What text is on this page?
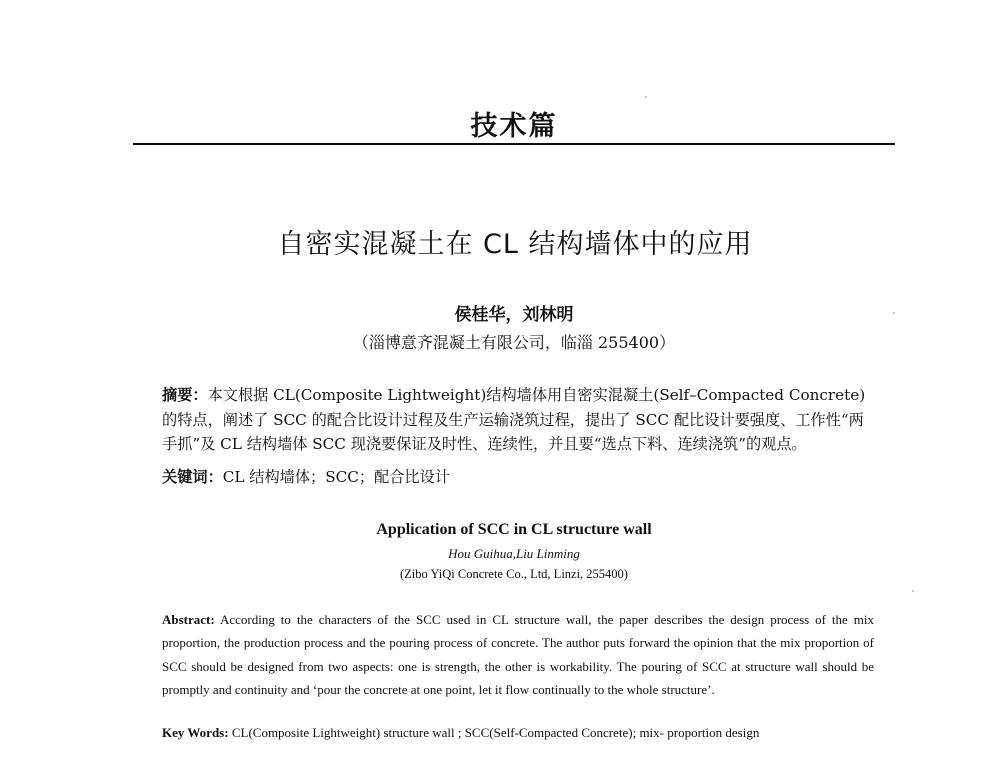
技术篇
自密实混凝土在 CL 结构墙体中的应用
侯桂华，刘林明
（淄博意齐混凝土有限公司，临淄 255400）
摘要：本文根据 CL(Composite Lightweight)结构墙体用自密实混凝土(Self–Compacted Concrete)的特点，阐述了 SCC 的配合比设计过程及生产运输浇筑过程，提出了 SCC 配比设计要强度、工作性“两手抓”及 CL 结构墙体 SCC 现浇要保证及时性、连续性，并且要“选点下料、连续浇筑”的观点。
关键词：CL 结构墙体；SCC；配合比设计
Application of SCC in CL structure wall
Hou Guihua,Liu Linming
(Zibo YiQi Concrete Co., Ltd, Linzi, 255400)
Abstract: According to the characters of the SCC used in CL structure wall, the paper describes the design process of the mix proportion, the production process and the pouring process of concrete. The author puts forward the opinion that the mix proportion of SCC should be designed from two aspects: one is strength, the other is workability. The pouring of SCC at structure wall should be promptly and continuity and ‘pour the concrete at one point, let it flow continually to the whole structure’.
Key Words: CL(Composite Lightweight) structure wall ; SCC(Self-Compacted Concrete); mix- proportion design
